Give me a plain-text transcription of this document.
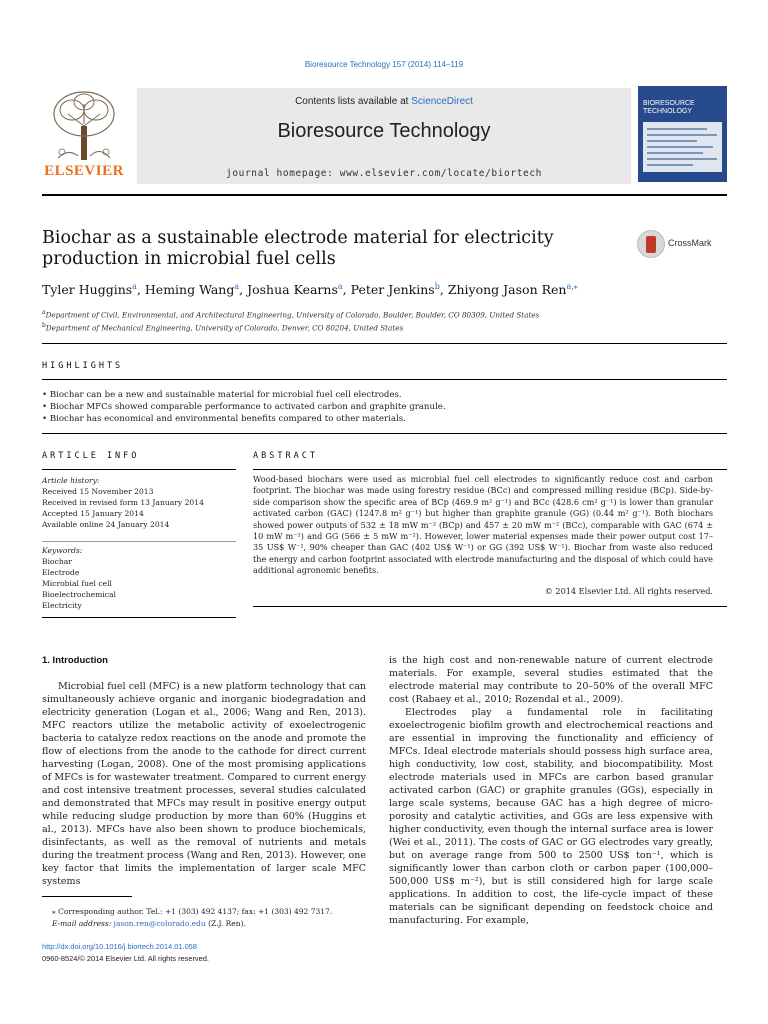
Bioresource Technology 157 (2014) 114–119
ELSEVIER
Contents lists available at ScienceDirect
Bioresource Technology
journal homepage: www.elsevier.com/locate/biortech
BIORESOURCE TECHNOLOGY
Biochar as a sustainable electrode material for electricity production in microbial fuel cells
CrossMark
Tyler Huggins$^a$, Heming Wang$^a$, Joshua Kearns$^a$, Peter Jenkins$^b$, Zhiyong Jason Ren$^{a,⁎}$
$^a$Department of Civil, Environmental, and Architectural Engineering, University of Colorado, Boulder, Boulder, CO 80309, United States
$^b$Department of Mechanical Engineering, University of Colorado, Denver, CO 80204, United States
HIGHLIGHTS
• Biochar can be a new and sustainable material for microbial fuel cell electrodes.
• Biochar MFCs showed comparable performance to activated carbon and graphite granule.
• Biochar has economical and environmental benefits compared to other materials.
ARTICLE INFO	ABSTRACT
Article history:
Received 15 November 2013
Received in revised form 13 January 2014
Accepted 15 January 2014
Available online 24 January 2014
Keywords:
Biochar
Electrode
Microbial fuel cell
Bioelectrochemical
Electricity
Wood-based biochars were used as microbial fuel cell electrodes to significantly reduce cost and carbon footprint. The biochar was made using forestry residue (BCc) and compressed milling residue (BCp). Side-by-side comparison show the specific area of BCp (469.9 m² g⁻¹) and BCc (428.6 cm² g⁻¹) is lower than granular activated carbon (GAC) (1247.8 m² g⁻¹) but higher than graphite granule (GG) (0.44 m² g⁻¹). Both biochars showed power outputs of 532 ± 18 mW m⁻² (BCp) and 457 ± 20 mW m⁻² (BCc), comparable with GAC (674 ± 10 mW m⁻²) and GG (566 ± 5 mW m⁻²). However, lower material expenses made their power output cost 17–35 US$ W⁻¹, 90% cheaper than GAC (402 US$ W⁻¹) or GG (392 US$ W⁻¹). Biochar from waste also reduced the energy and carbon footprint associated with electrode manufacturing and the disposal of which could have additional agronomic benefits.
© 2014 Elsevier Ltd. All rights reserved.
1. Introduction

Microbial fuel cell (MFC) is a new platform technology that can simultaneously achieve organic and inorganic biodegradation and electricity generation (Logan et al., 2006; Wang and Ren, 2013). MFC reactors utilize the metabolic activity of exoelectrogenic bacteria to catalyze redox reactions on the anode and promote the flow of elections from the anode to the cathode for direct current harvesting (Logan, 2008). One of the most promising applications of MFCs is for wastewater treatment. Compared to current energy and cost intensive treatment processes, several studies calculated and demonstrated that MFCs may result in positive energy output while reducing sludge production by more than 60% (Huggins et al., 2013). MFCs have also been shown to produce biochemicals, disinfectants, as well as the removal of nutrients and metals during the treatment process (Wang and Ren, 2013). However, one key factor that limits the implementation of larger scale MFC systems

is the high cost and non-renewable nature of current electrode materials. For example, several studies estimated that the electrode material may contribute to 20–50% of the overall MFC cost (Rabaey et al., 2010; Rozendal et al., 2009).

Electrodes play a fundamental role in facilitating exoelectrogenic biofilm growth and electrochemical reactions and are essential in improving the functionality and efficiency of MFCs. Ideal electrode materials should possess high surface area, high conductivity, low cost, stability, and biocompatibility. Most electrode materials used in MFCs are carbon based granular activated carbon (GAC) or graphite granules (GGs), especially in large scale systems, because GAC has a high degree of micro-porosity and catalytic activities, and GGs are less expensive with higher conductivity, even though the internal surface area is lower (Wei et al., 2011). The costs of GAC or GG electrodes vary greatly, but on average range from 500 to 2500 US$ ton⁻¹, which is significantly lower than carbon cloth or carbon paper (100,000–500,000 US$ m⁻²), but is still considered high for large scale applications. In addition to cost, the life-cycle impact of these materials can be significant depending on feedstock choice and manufacturing. For example,

⁎ Corresponding author. Tel.: +1 (303) 492 4137; fax: +1 (303) 492 7317.
E-mail address: jason.ren@colorado.edu (Z.J. Ren).
http://dx.doi.org/10.1016/j.biortech.2014.01.058
0960-8524/© 2014 Elsevier Ltd. All rights reserved.
